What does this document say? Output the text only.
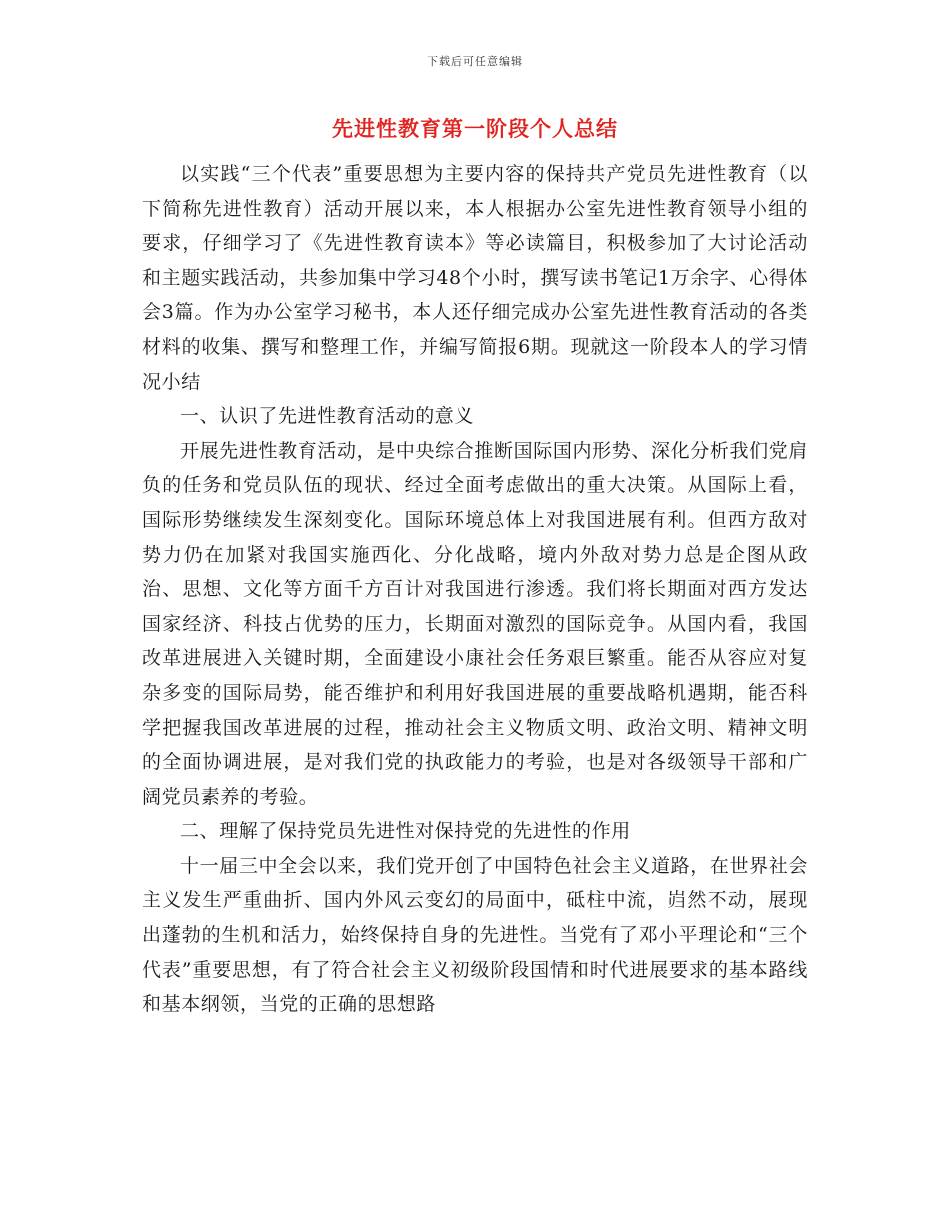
下载后可任意编辑
先进性教育第一阶段个人总结

以实践“三个代表”重要思想为主要内容的保持共产党员先进性教育（以下简称先进性教育）活动开展以来，本人根据办公室先进性教育领导小组的要求，仔细学习了《先进性教育读本》等必读篇目，积极参加了大讨论活动和主题实践活动，共参加集中学习48个小时，撰写读书笔记1万余字、心得体会3篇。作为办公室学习秘书，本人还仔细完成办公室先进性教育活动的各类材料的收集、撰写和整理工作，并编写简报6期。现就这一阶段本人的学习情况小结

一、认识了先进性教育活动的意义

开展先进性教育活动，是中央综合推断国际国内形势、深化分析我们党肩负的任务和党员队伍的现状、经过全面考虑做出的重大决策。从国际上看，国际形势继续发生深刻变化。国际环境总体上对我国进展有利。但西方敌对势力仍在加紧对我国实施西化、分化战略，境内外敌对势力总是企图从政治、思想、文化等方面千方百计对我国进行渗透。我们将长期面对西方发达国家经济、科技占优势的压力，长期面对激烈的国际竞争。从国内看，我国改革进展进入关键时期，全面建设小康社会任务艰巨繁重。能否从容应对复杂多变的国际局势，能否维护和利用好我国进展的重要战略机遇期，能否科学把握我国改革进展的过程，推动社会主义物质文明、政治文明、精神文明的全面协调进展，是对我们党的执政能力的考验，也是对各级领导干部和广阔党员素养的考验。

二、理解了保持党员先进性对保持党的先进性的作用

十一届三中全会以来，我们党开创了中国特色社会主义道路，在世界社会主义发生严重曲折、国内外风云变幻的局面中，砥柱中流，岿然不动，展现出蓬勃的生机和活力，始终保持自身的先进性。当党有了邓小平理论和“三个代表”重要思想，有了符合社会主义初级阶段国情和时代进展要求的基本路线和基本纲领，当党的正确的思想路
